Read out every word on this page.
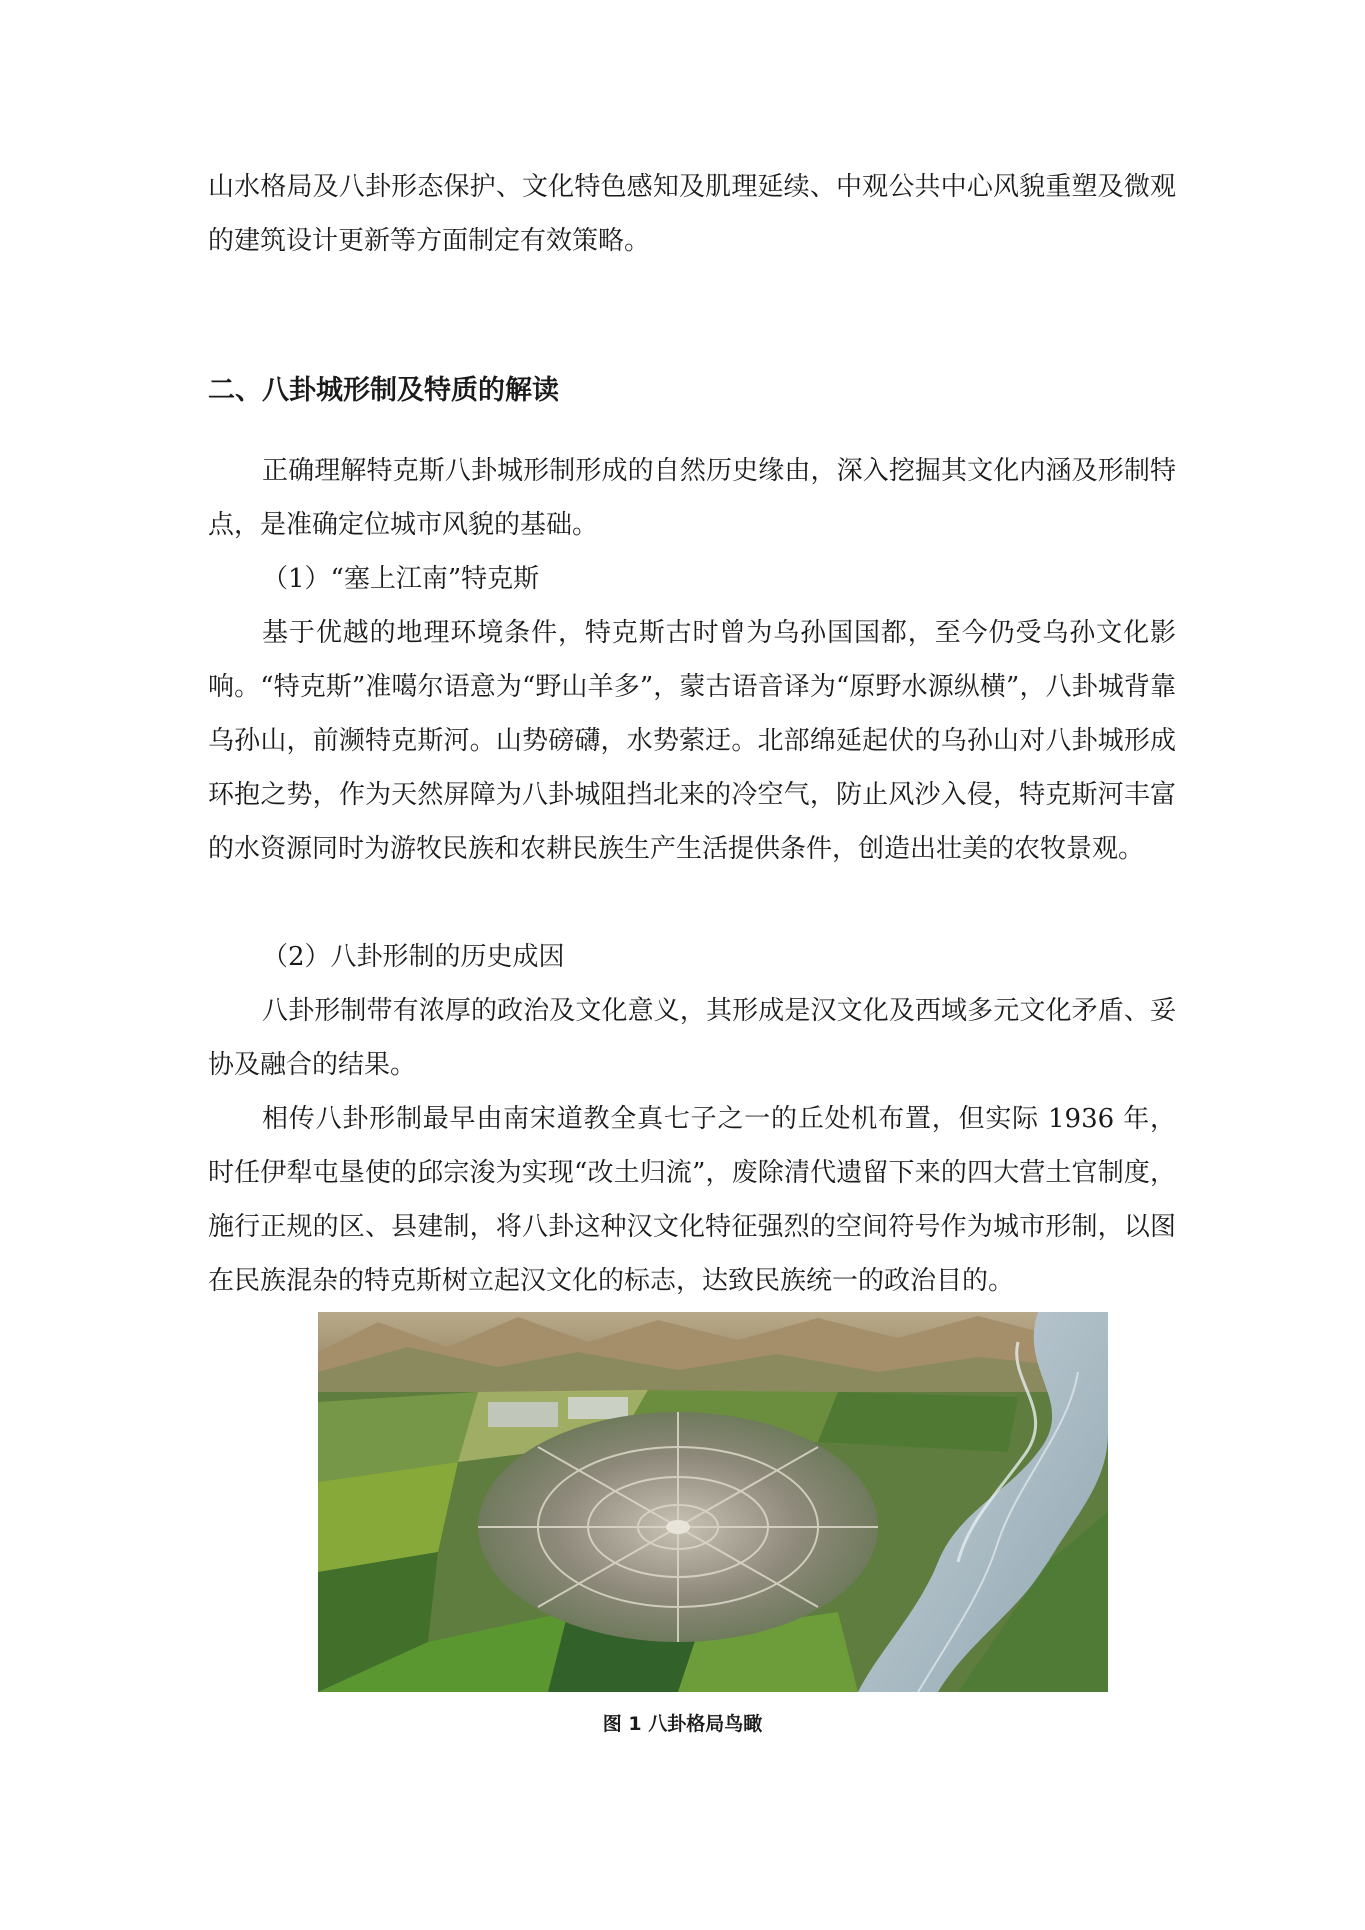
山水格局及八卦形态保护、文化特色感知及肌理延续、中观公共中心风貌重塑及微观的建筑设计更新等方面制定有效策略。

二、八卦城形制及特质的解读

正确理解特克斯八卦城形制形成的自然历史缘由，深入挖掘其文化内涵及形制特点，是准确定位城市风貌的基础。

（1）“塞上江南”特克斯

基于优越的地理环境条件，特克斯古时曾为乌孙国国都，至今仍受乌孙文化影响。“特克斯”准噶尔语意为“野山羊多”，蒙古语音译为“原野水源纵横”，八卦城背靠乌孙山，前濒特克斯河。山势磅礴，水势萦迂。北部绵延起伏的乌孙山对八卦城形成环抱之势，作为天然屏障为八卦城阻挡北来的冷空气，防止风沙入侵，特克斯河丰富的水资源同时为游牧民族和农耕民族生产生活提供条件，创造出壮美的农牧景观。

（2）八卦形制的历史成因

八卦形制带有浓厚的政治及文化意义，其形成是汉文化及西域多元文化矛盾、妥协及融合的结果。

相传八卦形制最早由南宋道教全真七子之一的丘处机布置，但实际 1936 年，时任伊犁屯垦使的邱宗浚为实现“改土归流”，废除清代遗留下来的四大营土官制度，施行正规的区、县建制，将八卦这种汉文化特征强烈的空间符号作为城市形制，以图在民族混杂的特克斯树立起汉文化的标志，达致民族统一的政治目的。

图 1 八卦格局鸟瞰
